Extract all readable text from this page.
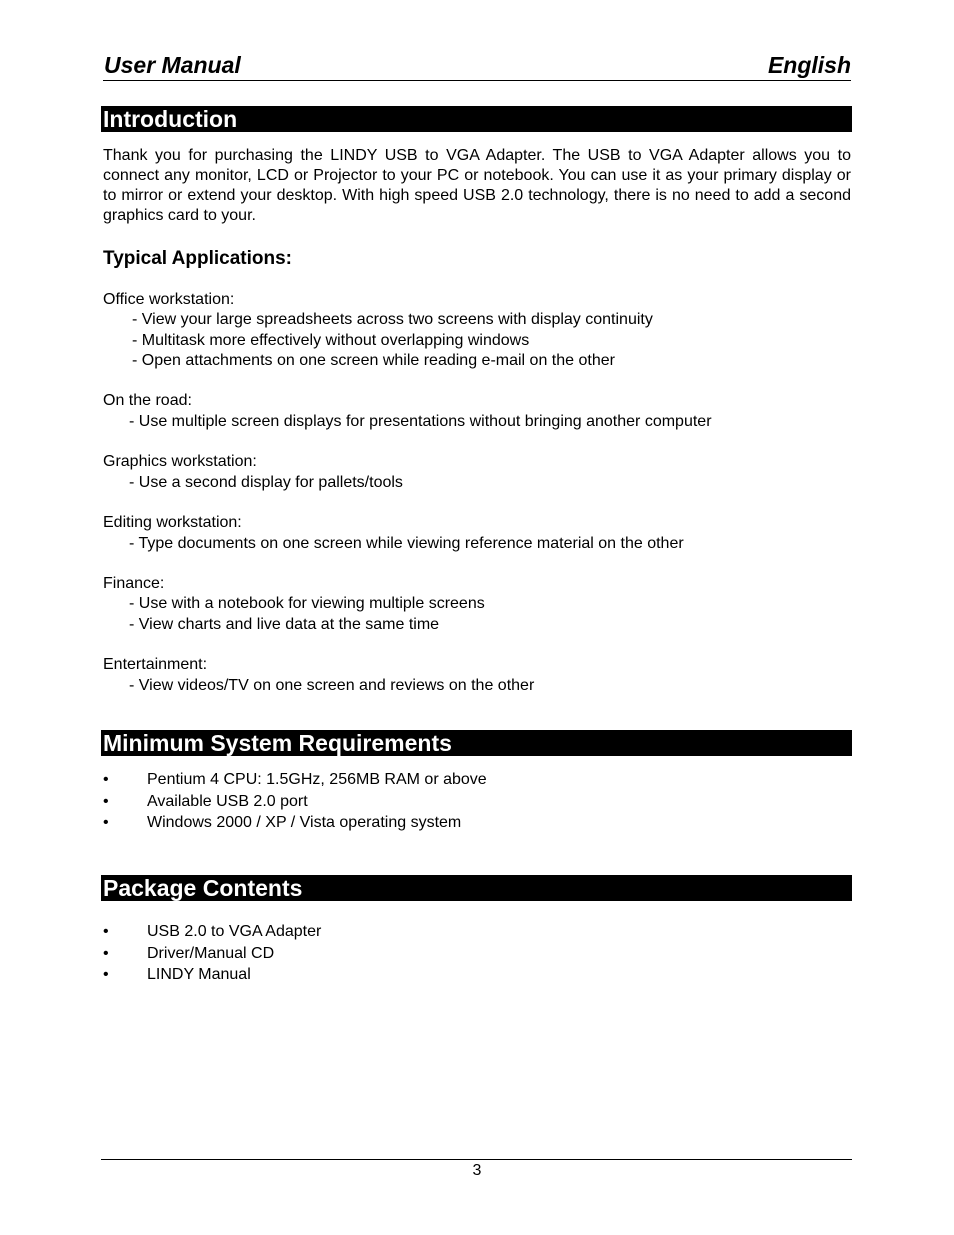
User Manual	English
Introduction

Thank you for purchasing the LINDY USB to VGA Adapter. The USB to VGA Adapter allows you to connect any monitor, LCD or Projector to your PC or notebook. You can use it as your primary display or to mirror or extend your desktop. With high speed USB 2.0 technology, there is no need to add a second graphics card to your.

Typical Applications:
Office workstation:
- View your large spreadsheets across two screens with display continuity
- Multitask more effectively without overlapping windows
- Open attachments on one screen while reading e-mail on the other
On the road:
- Use multiple screen displays for presentations without bringing another computer
Graphics workstation:
- Use a second display for pallets/tools
Editing workstation:
- Type documents on one screen while viewing reference material on the other
Finance:
- Use with a notebook for viewing multiple screens
- View charts and live data at the same time
Entertainment:
- View videos/TV on one screen and reviews on the other
Minimum System Requirements
• Pentium 4 CPU: 1.5GHz, 256MB RAM or above
• Available USB 2.0 port
• Windows 2000 / XP / Vista operating system
Package Contents
• USB 2.0 to VGA Adapter
• Driver/Manual CD
• LINDY Manual
3
